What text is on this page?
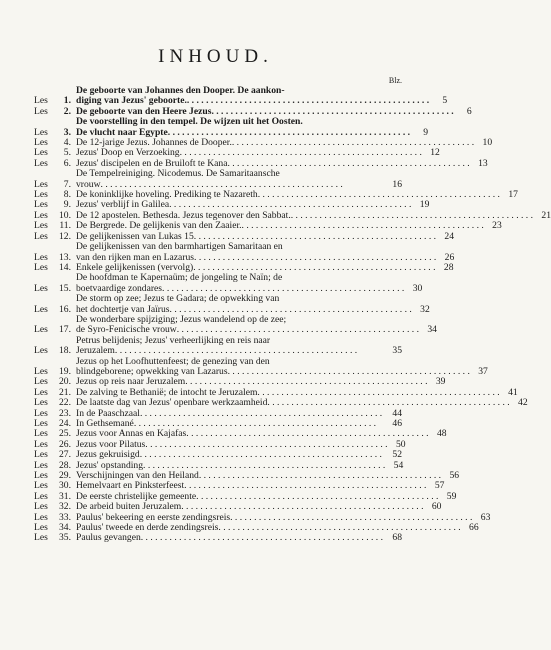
INHOUD.
Blz.
Les	1.
De geboorte van Johannes den Dooper. De aankon-
diging van Jezus' geboorte. . . .	5
Les	2. De geboorte van den Heere Jezus . . .	6
Les	3.
De voorstelling in den tempel. De wijzen uit het Oosten.
De vlucht naar Egypte . . .	9
Les	4. De 12-jarige Jezus. Johannes de Dooper. . . .	10
Les	5. Jezus' Doop en Verzoeking . . .	12
Les	6. Jezus' discipelen en de Bruiloft te Kana . . .	13
Les	7.
De Tempelreiniging. Nicodemus. De Samaritaansche
vrouw . . .	16
Les	8. De koninklijke hoveling. Prediking te Nazareth . . .	17
Les	9. Jezus' verblijf in Galilea . . .	19
Les	10. De 12 apostelen. Bethesda. Jezus tegenover den Sabbat. . . .	21
Les	11. De Bergrede. De gelijkenis van den Zaaier. . . .	23
Les	12. De gelijkenissen van Lukas 15 . . .	24
Les	13.
De gelijkenissen van den barmhartigen Samaritaan en
van den rijken man en Lazarus . . .	26
Les	14. Enkele gelijkenissen (vervolg) . . .	28
Les	15.
De hoofdman te Kapernaüm; de jongeling te Naïn; de
boetvaardige zondares . . .	30
Les	16.
De storm op zee; Jezus te Gadara; de opwekking van
het dochtertje van Jaïrus . . .	32
Les	17.
De wonderbare spijziging; Jezus wandelend op de zee;
de Syro-Fenicische vrouw . . .	34
Les	18.
Petrus belijdenis; Jezus' verheerlijking en reis naar
Jeruzalem . . .	35
Les	19.
Jezus op het Loofhuttenfeest; de genezing van den
blindgeborene; opwekking van Lazarus . . .	37
Les	20. Jezus op reis naar Jeruzalem . . .	39
Les	21. De zalving te Bethanië; de intocht te Jeruzalem . . .	41
Les	22. De laatste dag van Jezus' openbare werkzaamheid . . .	42
Les	23. In de Paaschzaal . . .	44
Les	24. In Gethsemané . . .	46
Les	25. Jezus voor Annas en Kajafas . . .	48
Les	26. Jezus voor Pilatus . . .	50
Les	27. Jezus gekruisigd . . .	52
Les	28. Jezus' opstanding . . .	54
Les	29. Verschijningen van den Heiland . . .	56
Les	30. Hemelvaart en Pinksterfeest . . .	57
Les	31. De eerste christelijke gemeente . . .	59
Les	32. De arbeid buiten Jeruzalem . . .	60
Les	33. Paulus' bekeering en eerste zendingsreis . . .	63
Les	34. Paulus' tweede en derde zendingsreis . . .	66
Les	35. Paulus gevangen . . .	68
